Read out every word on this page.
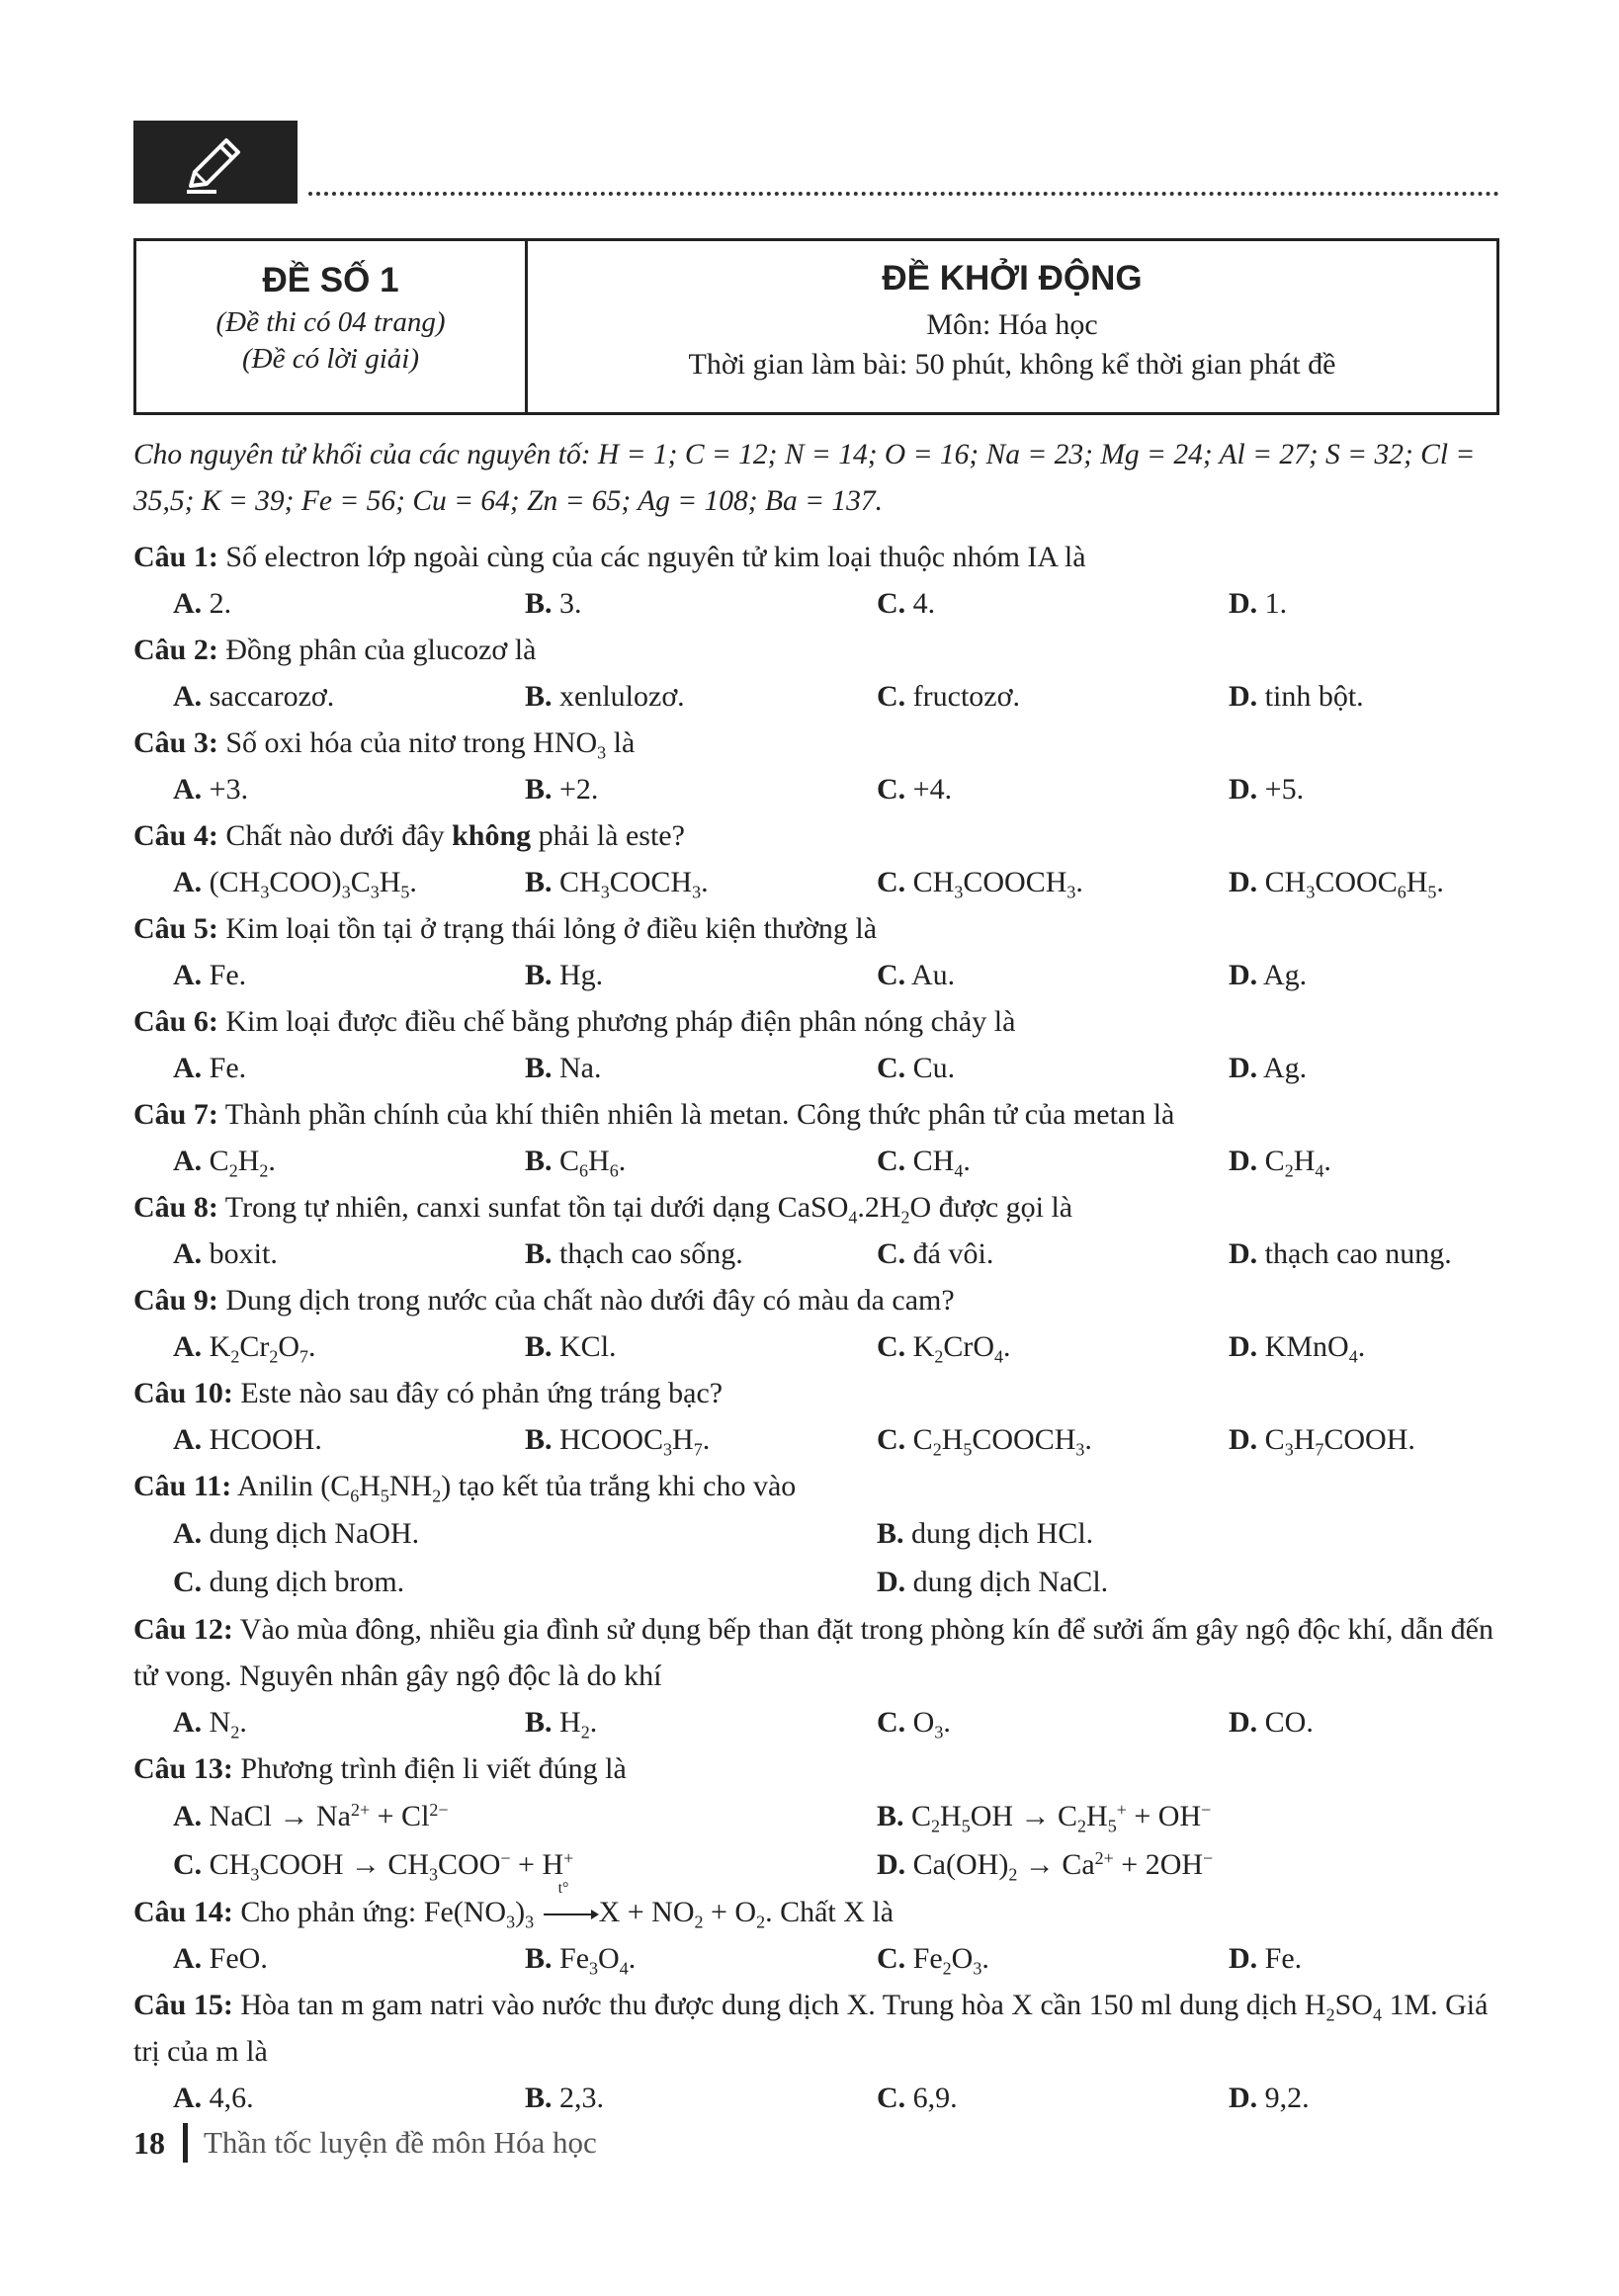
ĐỀ SỐ 1
(Đề thi có 04 trang)
(Đề có lời giải)
ĐỀ KHỞI ĐỘNG
Môn: Hóa học
Thời gian làm bài: 50 phút, không kể thời gian phát đề
Cho nguyên tử khối của các nguyên tố: H = 1; C = 12; N = 14; O = 16; Na = 23; Mg = 24; Al = 27; S = 32; Cl = 35,5; K = 39; Fe = 56; Cu = 64; Zn = 65; Ag = 108; Ba = 137.
Câu 1: Số electron lớp ngoài cùng của các nguyên tử kim loại thuộc nhóm IA là
A. 2.	B. 3.	C. 4.	D. 1.
Câu 2: Đồng phân của glucozơ là
A. saccarozơ.	B. xenlulozơ.	C. fructozơ.	D. tinh bột.
Câu 3: Số oxi hóa của nitơ trong $HNO_3$ là
A. +3.	B. +2.	C. +4.	D. +5.
Câu 4: Chất nào dưới đây không phải là este?
A. $(CH_3COO)_3C_3H_5$.	B. $CH_3COCH_3$.	C. $CH_3COOCH_3$.	D. $CH_3COOC_6H_5$.
Câu 5: Kim loại tồn tại ở trạng thái lỏng ở điều kiện thường là
A. Fe.	B. Hg.	C. Au.	D. Ag.
Câu 6: Kim loại được điều chế bằng phương pháp điện phân nóng chảy là
A. Fe.	B. Na.	C. Cu.	D. Ag.
Câu 7: Thành phần chính của khí thiên nhiên là metan. Công thức phân tử của metan là
A. $C_2H_2$.	B. $C_6H_6$.	C. $CH_4$.	D. $C_2H_4$.
Câu 8: Trong tự nhiên, canxi sunfat tồn tại dưới dạng $CaSO_4.2H_2O$ được gọi là
A. boxit.	B. thạch cao sống.	C. đá vôi.	D. thạch cao nung.
Câu 9: Dung dịch trong nước của chất nào dưới đây có màu da cam?
A. $K_2Cr_2O_7$.	B. KCl.	C. $K_2CrO_4$.	D. KMnO$_4$.
Câu 10: Este nào sau đây có phản ứng tráng bạc?
A. HCOOH.	B. $HCOOC_3H_7$.	C. $C_2H_5COOCH_3$.	D. $C_3H_7COOH$.
Câu 11: Anilin $(C_6H_5NH_2)$ tạo kết tủa trắng khi cho vào
A. dung dịch NaOH.	B. dung dịch HCl.
C. dung dịch brom.	D. dung dịch NaCl.
Câu 12: Vào mùa đông, nhiều gia đình sử dụng bếp than đặt trong phòng kín để sưởi ấm gây ngộ độc khí, dẫn đến tử vong. Nguyên nhân gây ngộ độc là do khí
A. $N_2$.	B. $H_2$.	C. $O_3$.	D. CO.
Câu 13: Phương trình điện li viết đúng là
A. NaCl → $Na^{2+} + Cl^{2-}$	B. $C_2H_5OH \to C_2H_5^+ + OH^-$
C. $CH_3COOH \to CH_3COO^- + H^+$	D. $Ca(OH)_2 \to Ca^{2+} + 2OH^-$
Câu 14: Cho phản ứng: $Fe(NO_3)_3$
t°
$X + NO_2 + O_2$. Chất X là
A. FeO.	B. $Fe_3O_4$.	C. $Fe_2O_3$.	D. Fe.
Câu 15: Hòa tan m gam natri vào nước thu được dung dịch X. Trung hòa X cần 150 ml dung dịch $H_2SO_4$ 1M. Giá trị của m là
A. 4,6.	B. 2,3.	C. 6,9.	D. 9,2.
18 Thần tốc luyện đề môn Hóa học
